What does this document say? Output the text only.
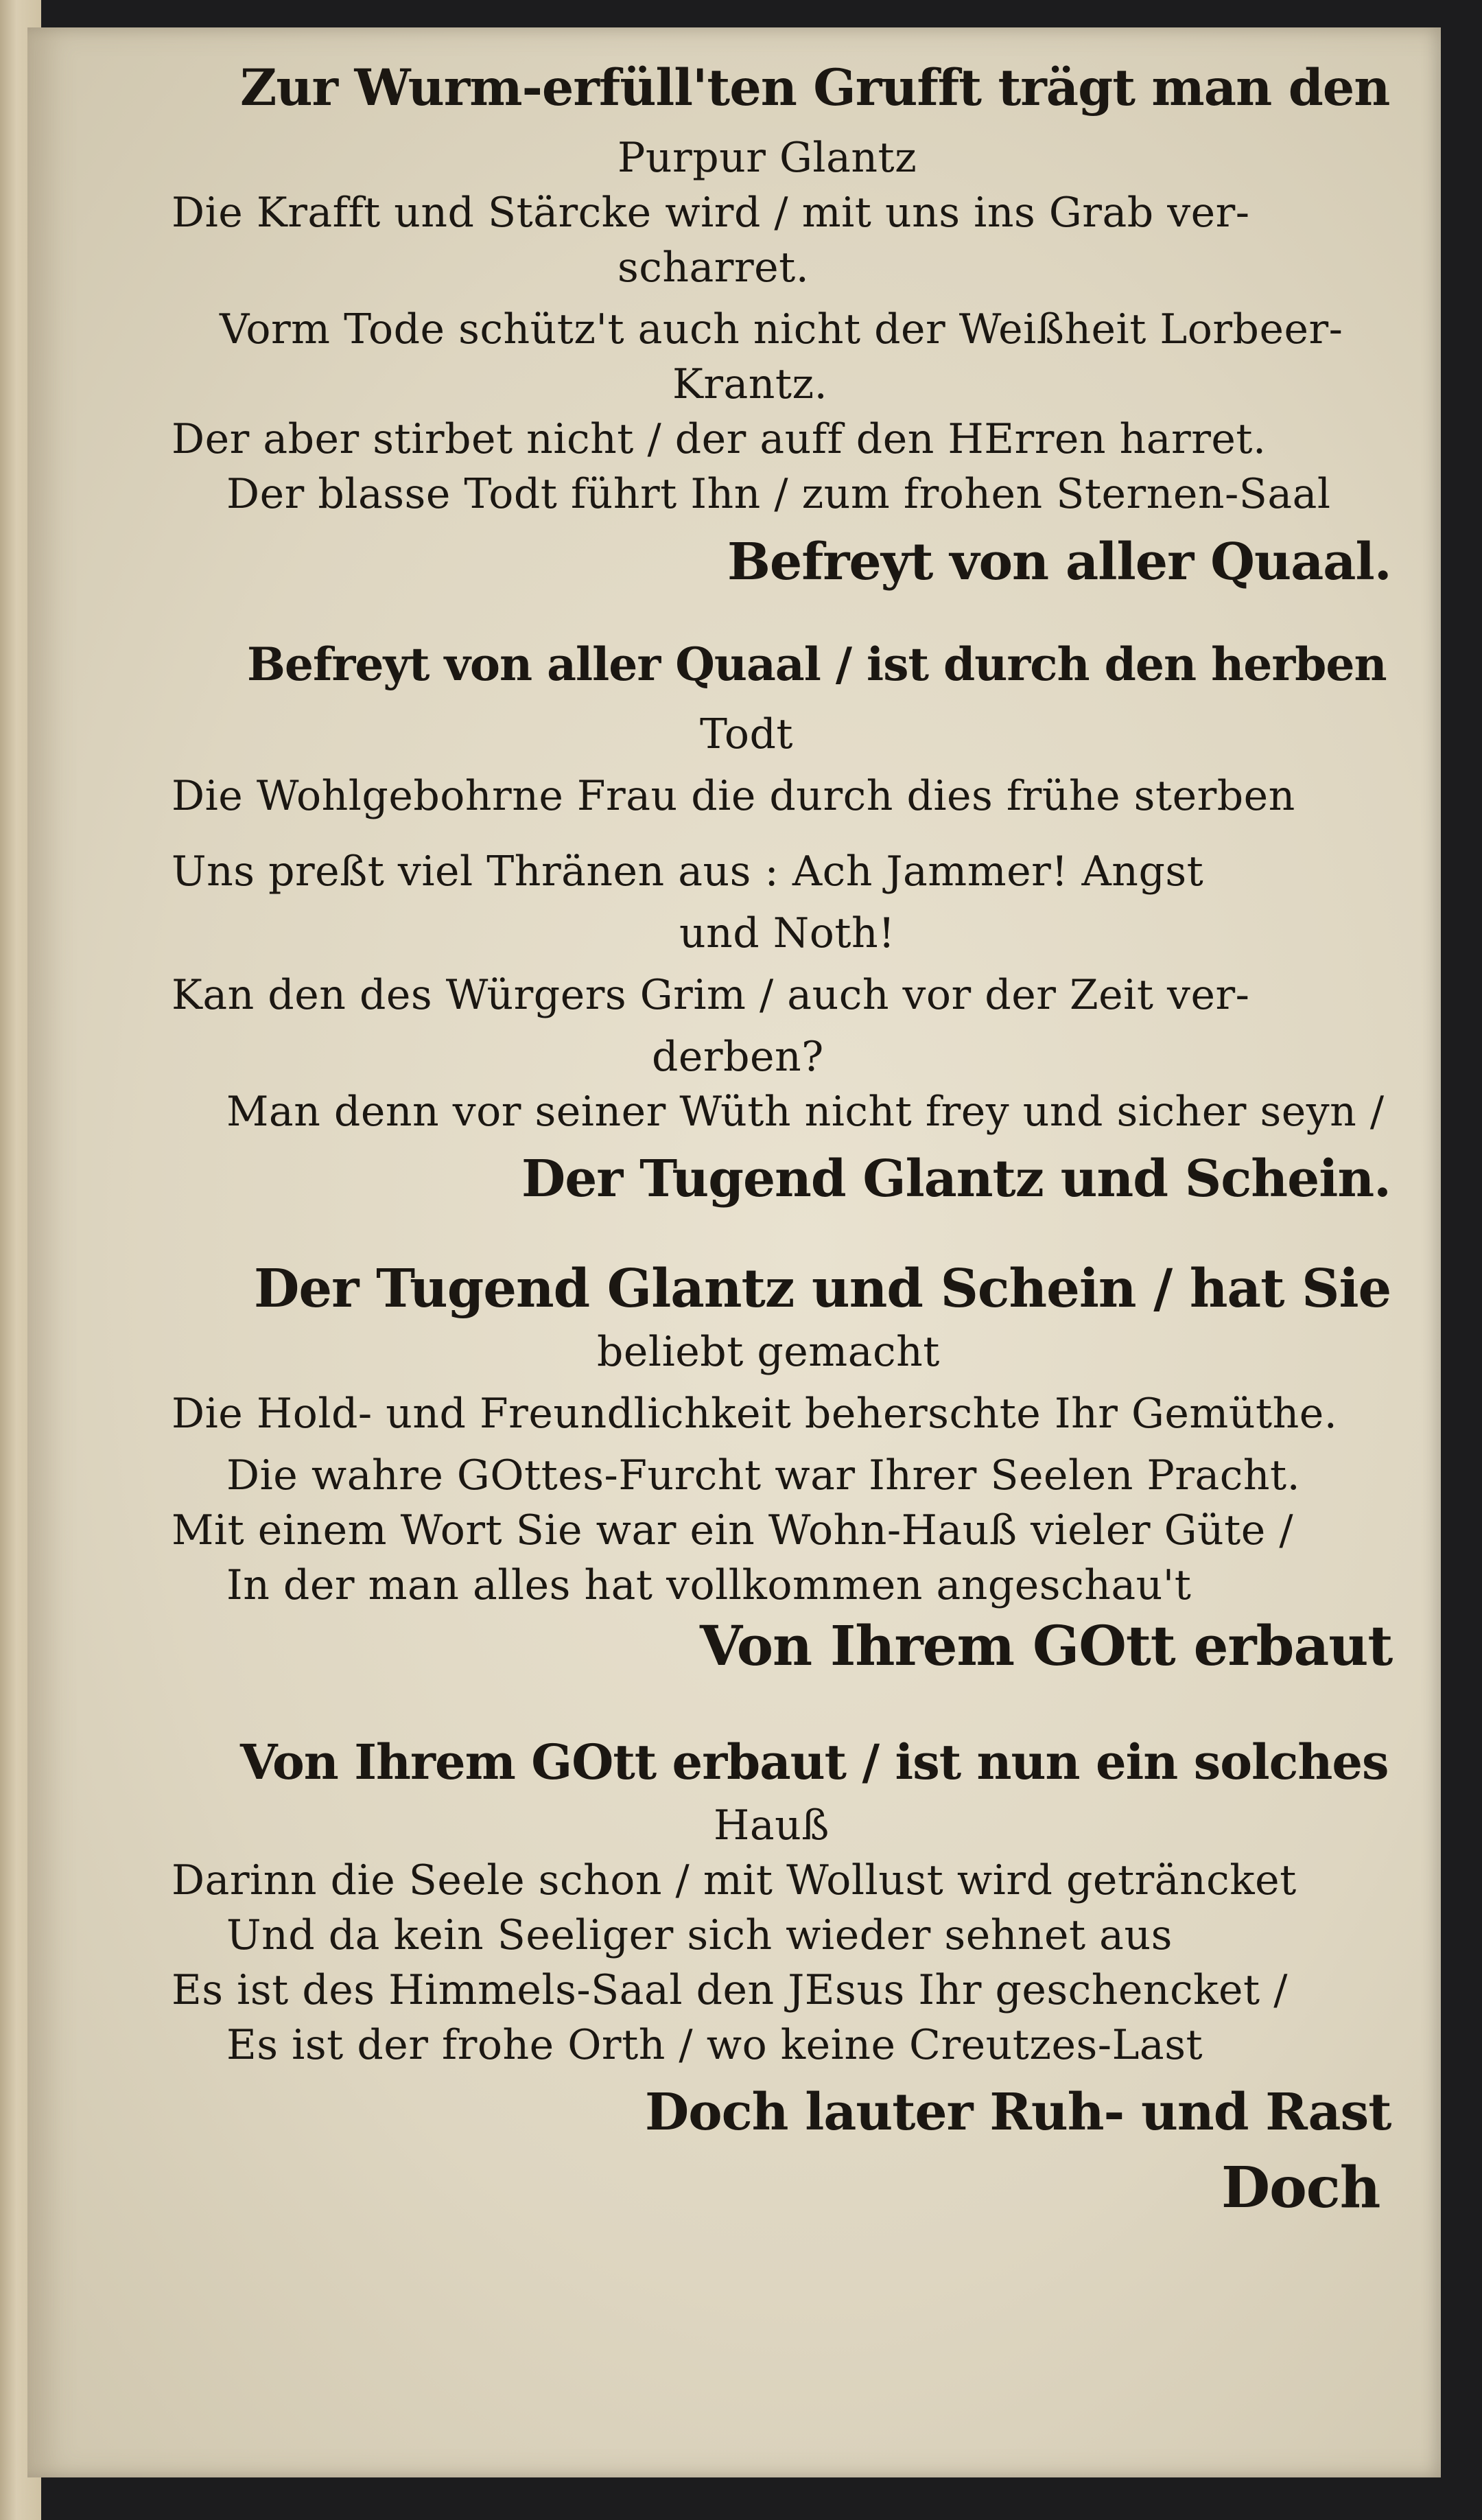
Zur Wurm-erfüll'ten Grufft trägt man den
Purpur Glantz
Die Krafft und Stärcke wird / mit uns ins Grab ver-
scharret.
Vorm Tode schütz't auch nicht der Weißheit Lorbeer-
Krantz.
Der aber stirbet nicht / der auff den HErren harret.
Der blasse Todt führt Ihn / zum frohen Sternen-Saal
Befreyt von aller Quaal.
Befreyt von aller Quaal / ist durch den herben
Todt
Die Wohlgebohrne Frau die durch dies frühe sterben
Uns preßt viel Thränen aus : Ach Jammer! Angst
und Noth!
Kan den des Würgers Grim / auch vor der Zeit ver-
derben?
Man denn vor seiner Wüth nicht frey und sicher seyn /
Der Tugend Glantz und Schein.
Der Tugend Glantz und Schein / hat Sie
beliebt gemacht
Die Hold- und Freundlichkeit beherschte Ihr Gemüthe.
Die wahre GOttes-Furcht war Ihrer Seelen Pracht.
Mit einem Wort Sie war ein Wohn-Hauß vieler Güte /
In der man alles hat vollkommen angeschau't
Von Ihrem GOtt erbaut
Von Ihrem GOtt erbaut / ist nun ein solches
Hauß
Darinn die Seele schon / mit Wollust wird geträncket
Und da kein Seeliger sich wieder sehnet aus
Es ist des Himmels-Saal den JEsus Ihr geschencket /
Es ist der frohe Orth / wo keine Creutzes-Last
Doch lauter Ruh- und Rast
Doch
